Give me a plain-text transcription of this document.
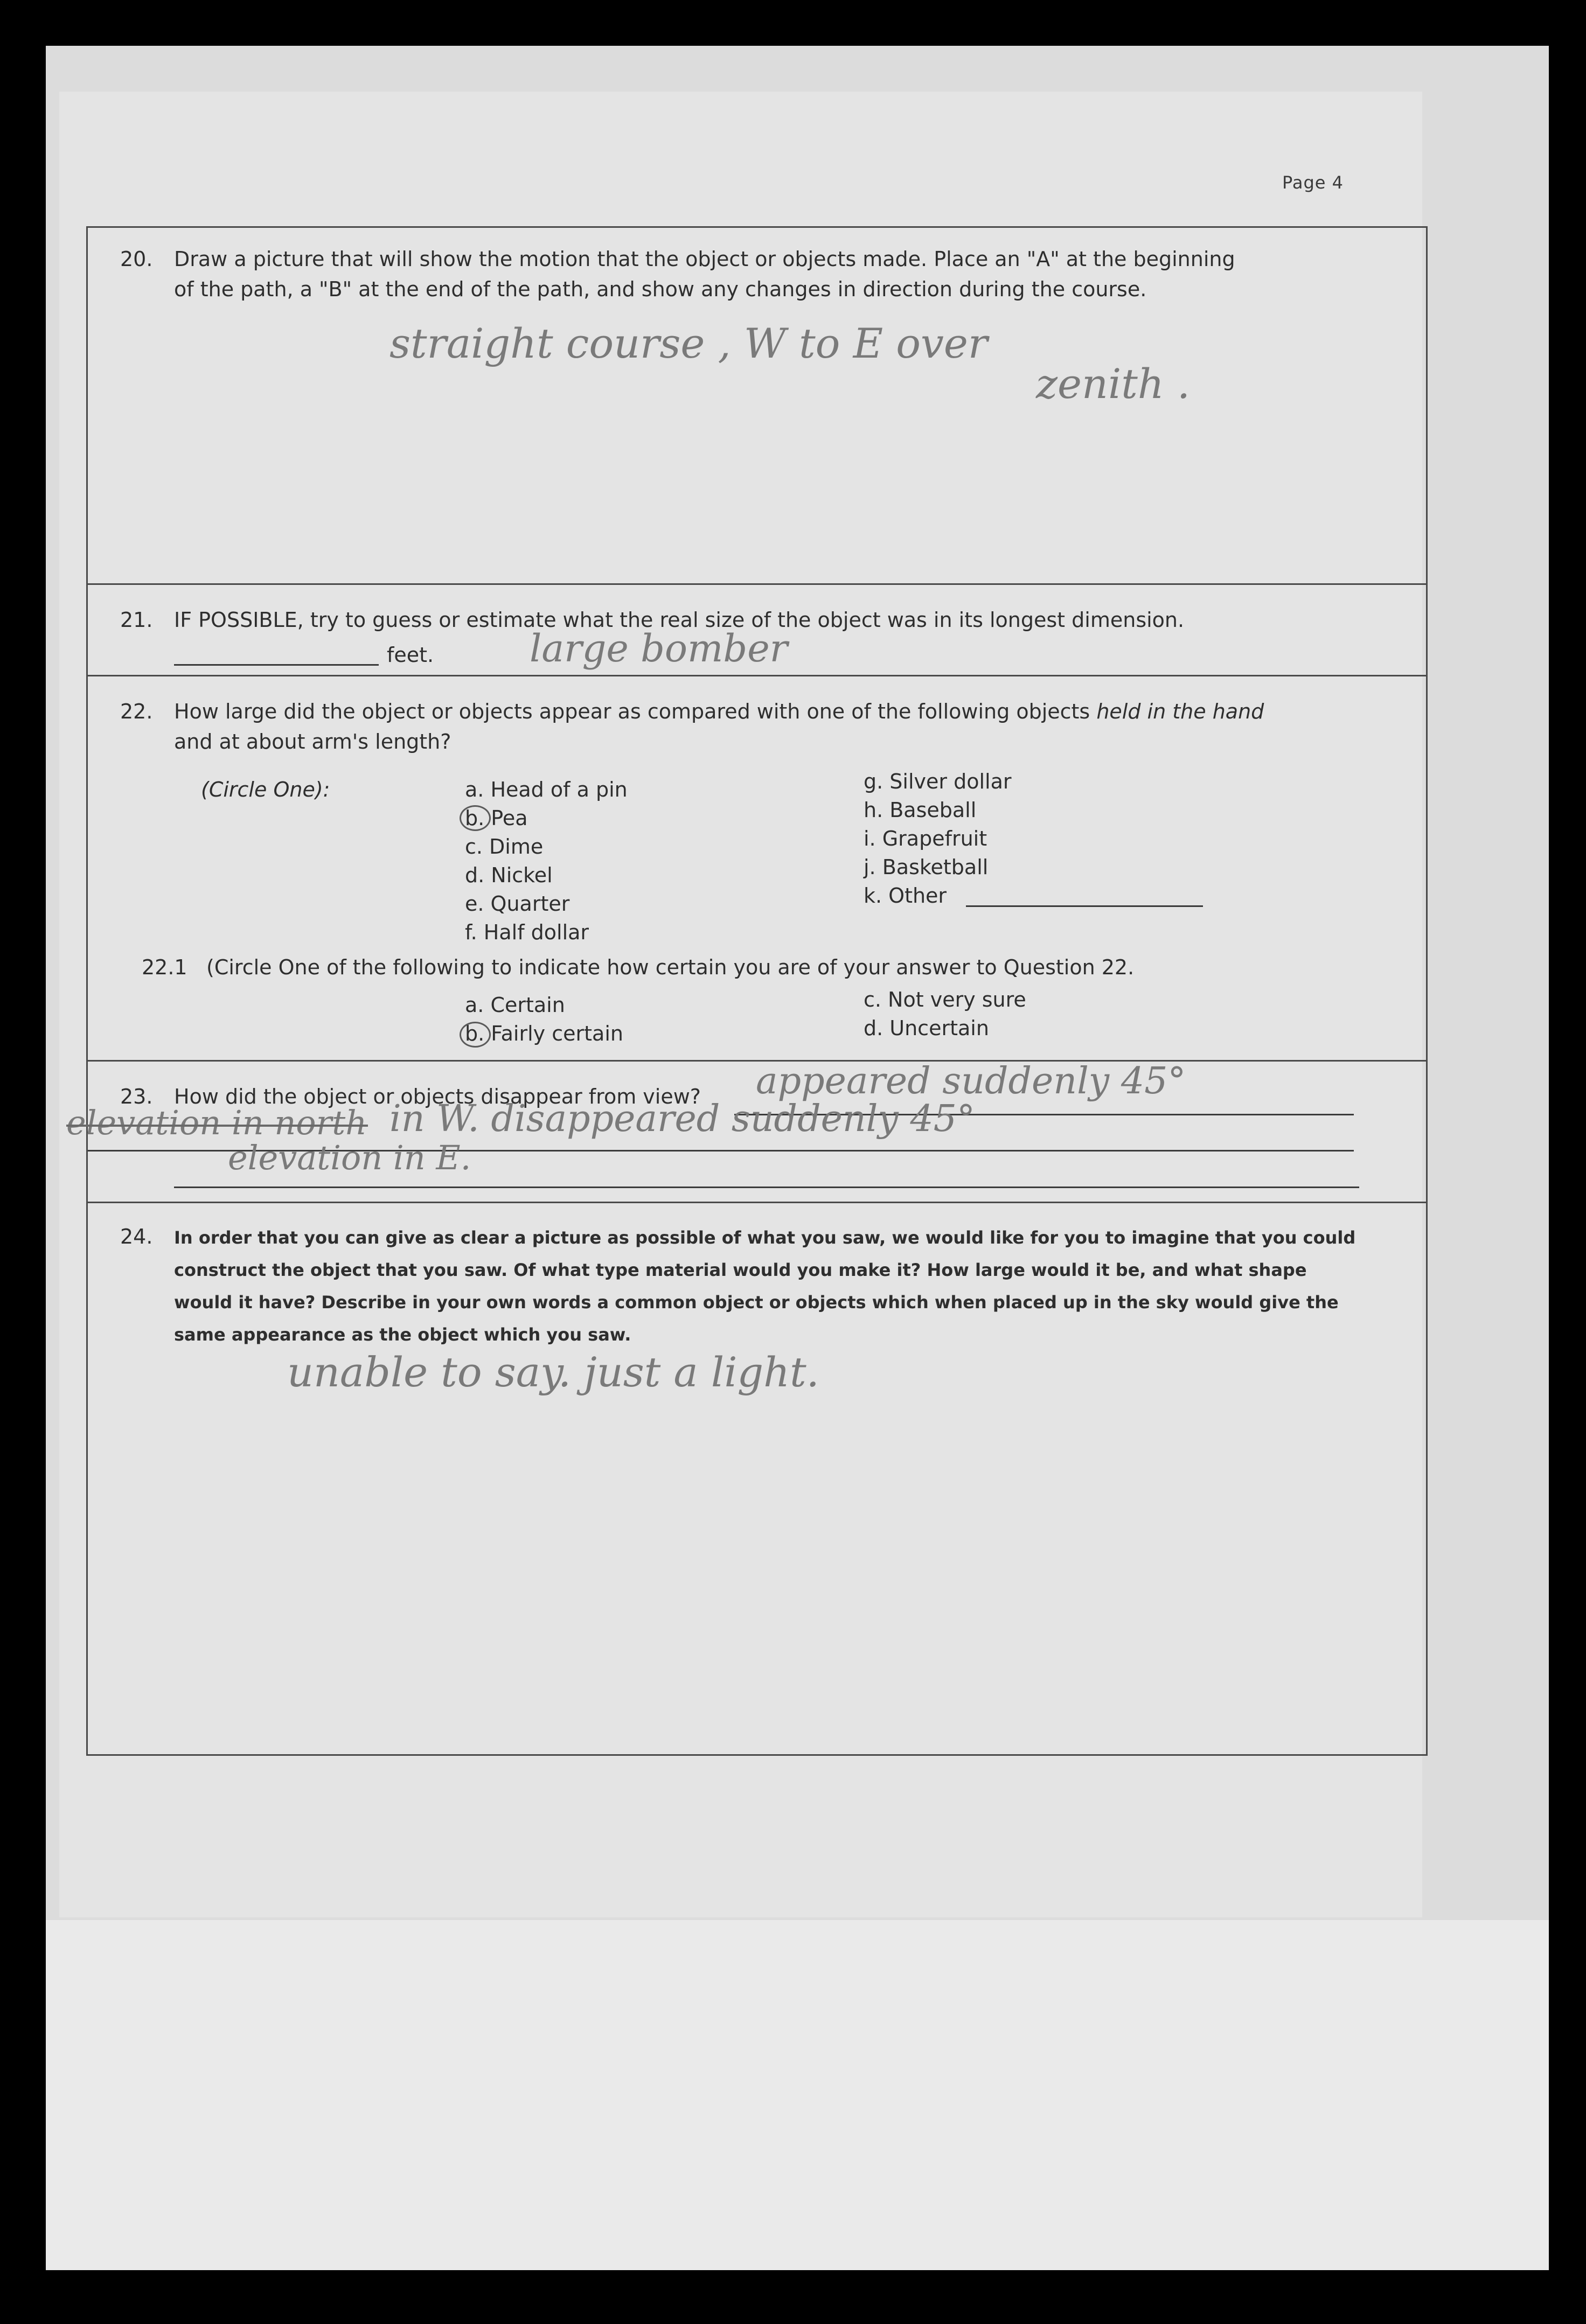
Page 4
20. Draw a picture that will show the motion that the object or objects made. Place an "A" at the beginning
of the path, a "B" at the end of the path, and show any changes in direction during the course.
straight course , W to E over
zenith .
21. IF POSSIBLE, try to guess or estimate what the real size of the object was in its longest dimension.
feet.	large bomber
22. How large did the object or objects appear as compared with one of the following objects held in the hand
and at about arm's length?
(Circle One):	a. Head of a pin
b. Pea
c. Dime
d. Nickel
e. Quarter
f. Half dollar
g. Silver dollar
h. Baseball
i. Grapefruit
j. Basketball
k. Other
22.1 (Circle One of the following to indicate how certain you are of your answer to Question 22.
a. Certain
b. Fairly certain
c. Not very sure
d. Uncertain
23. How did the object or objects disappear from view? appeared suddenly 45°
elevation in north in W. disappeared suddenly 45°
elevation in E.
24. In order that you can give as clear a picture as possible of what you saw, we would like for you to imagine that you could
construct the object that you saw. Of what type material would you make it? How large would it be, and what shape
would it have? Describe in your own words a common object or objects which when placed up in the sky would give the
same appearance as the object which you saw.
unable to say. just a light.
